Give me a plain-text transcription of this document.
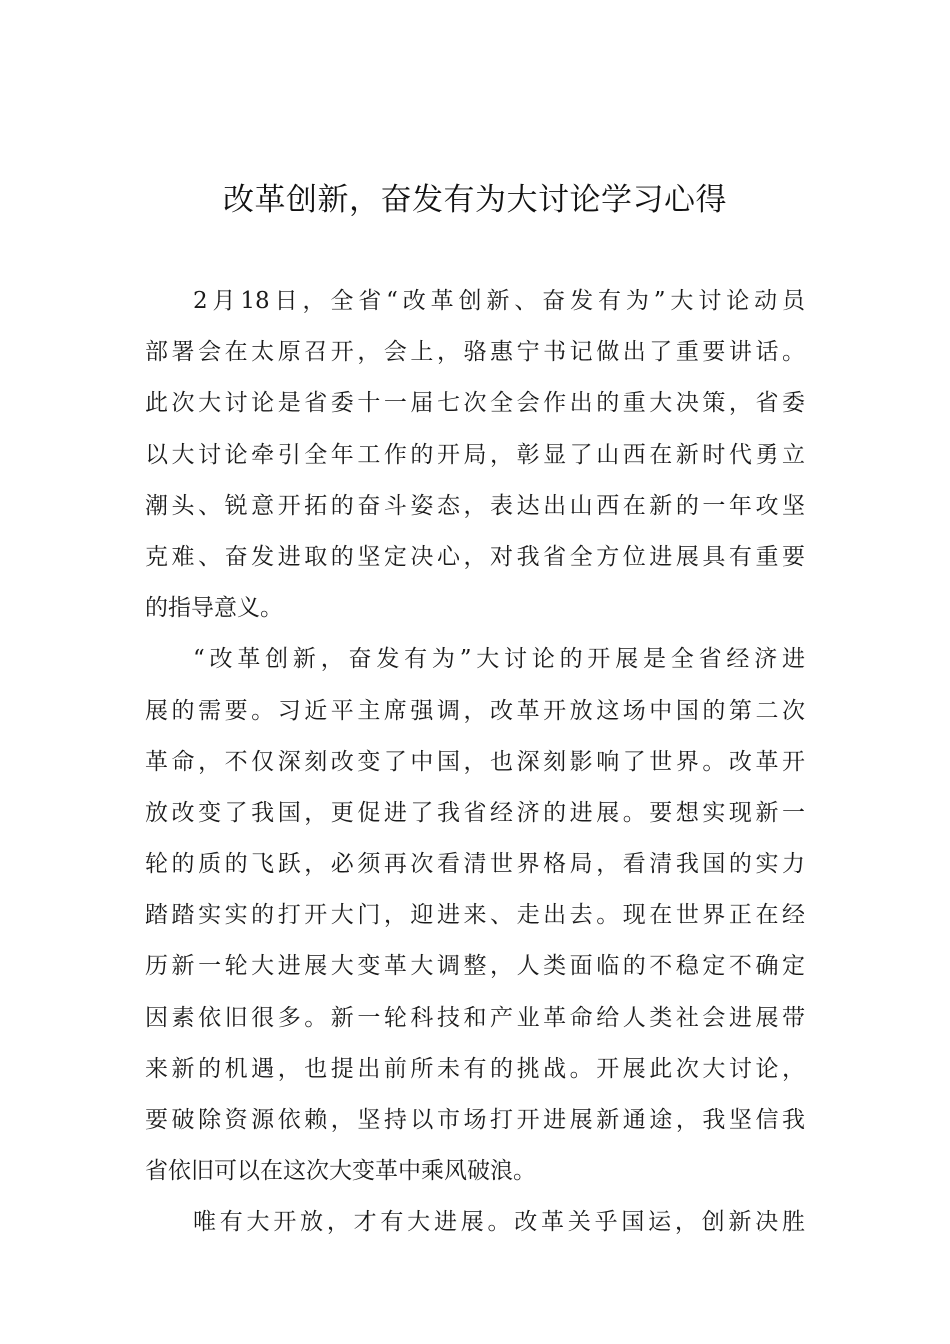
改革创新，奋发有为大讨论学习心得
2月18日，全省“改革创新、奋发有为”大讨论动员
部署会在太原召开，会上，骆惠宁书记做出了重要讲话。
此次大讨论是省委十一届七次全会作出的重大决策，省委
以大讨论牵引全年工作的开局，彰显了山西在新时代勇立
潮头、锐意开拓的奋斗姿态，表达出山西在新的一年攻坚
克难、奋发进取的坚定决心，对我省全方位进展具有重要
的指导意义。
“改革创新，奋发有为”大讨论的开展是全省经济进
展的需要。习近平主席强调，改革开放这场中国的第二次
革命，不仅深刻改变了中国，也深刻影响了世界。改革开
放改变了我国，更促进了我省经济的进展。要想实现新一
轮的质的飞跃，必须再次看清世界格局，看清我国的实力
踏踏实实的打开大门，迎进来、走出去。现在世界正在经
历新一轮大进展大变革大调整，人类面临的不稳定不确定
因素依旧很多。新一轮科技和产业革命给人类社会进展带
来新的机遇，也提出前所未有的挑战。开展此次大讨论，
要破除资源依赖，坚持以市场打开进展新通途，我坚信我
省依旧可以在这次大变革中乘风破浪。
唯有大开放，才有大进展。改革关乎国运，创新决胜
